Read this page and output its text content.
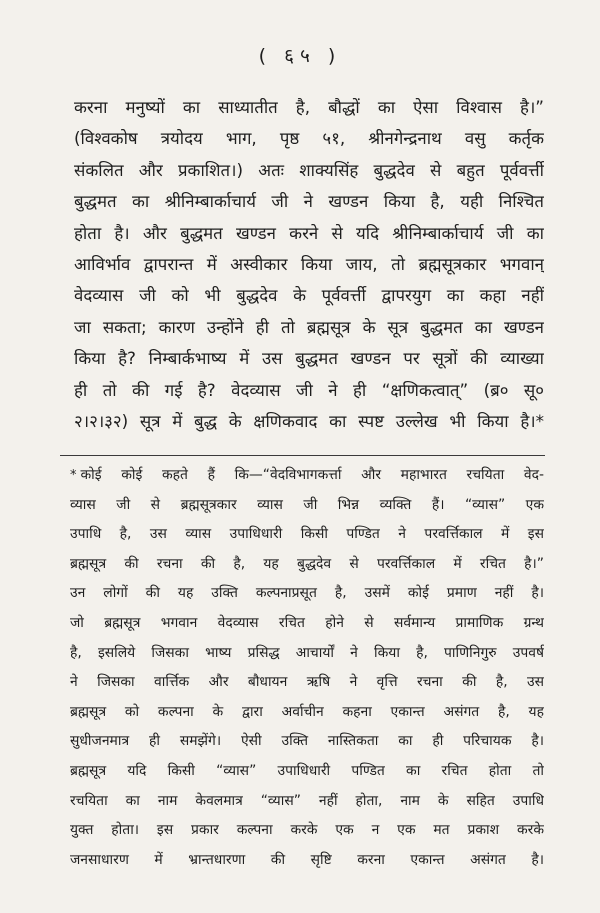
( ६५ )
करना मनुष्यों का साध्यातीत है, बौद्धों का ऐसा विश्वास है।”
(विश्वकोष त्रयोदय भाग, पृष्ठ ५१, श्रीनगेन्द्रनाथ वसु कर्तृक
संकलित और प्रकाशित।) अतः शाक्यसिंह बुद्धदेव से बहुत पूर्ववर्त्ती
बुद्धमत का श्रीनिम्बार्काचार्य जी ने खण्डन किया है, यही निश्चित
होता है। और बुद्धमत खण्डन करने से यदि श्रीनिम्बार्काचार्य जी का
आविर्भाव द्वापरान्त में अस्वीकार किया जाय, तो ब्रह्मसूत्रकार भगवान्
वेदव्यास जी को भी बुद्धदेव के पूर्ववर्त्ती द्वापरयुग का कहा नहीं
जा सकता; कारण उन्होंने ही तो ब्रह्मसूत्र के सूत्र बुद्धमत का खण्डन
किया है? निम्बार्कभाष्य में उस बुद्धमत खण्डन पर सूत्रों की व्याख्या
ही तो की गई है? वेदव्यास जी ने ही “क्षणिकत्वात्” (ब्र० सू०
२।२।३२) सूत्र में बुद्ध के क्षणिकवाद का स्पष्ट उल्लेख भी किया है।*
* कोई कोई कहते हैं कि—“वेदविभागकर्त्ता और महाभारत रचयिता वेद-
व्यास जी से ब्रह्मसूत्रकार व्यास जी भिन्न व्यक्ति हैं। “व्यास” एक
उपाधि है, उस व्यास उपाधिधारी किसी पण्डित ने परवर्त्तिकाल में इस
ब्रह्मसूत्र की रचना की है, यह बुद्धदेव से परवर्त्तिकाल में रचित है।”
उन लोगों की यह उक्ति कल्पनाप्रसूत है, उसमें कोई प्रमाण नहीं है।
जो ब्रह्मसूत्र भगवान वेदव्यास रचित होने से सर्वमान्य प्रामाणिक ग्रन्थ
है, इसलिये जिसका भाष्य प्रसिद्ध आचार्यों ने किया है, पाणिनिगुरु उपवर्ष
ने जिसका वार्त्तिक और बौधायन ऋषि ने वृत्ति रचना की है, उस
ब्रह्मसूत्र को कल्पना के द्वारा अर्वाचीन कहना एकान्त असंगत है, यह
सुधीजनमात्र ही समझेंगे। ऐसी उक्ति नास्तिकता का ही परिचायक है।
ब्रह्मसूत्र यदि किसी “व्यास” उपाधिधारी पण्डित का रचित होता तो
रचयिता का नाम केवलमात्र “व्यास” नहीं होता, नाम के सहित उपाधि
युक्त होता। इस प्रकार कल्पना करके एक न एक मत प्रकाश करके
जनसाधारण में भ्रान्तधारणा की सृष्टि करना एकान्त असंगत है।
